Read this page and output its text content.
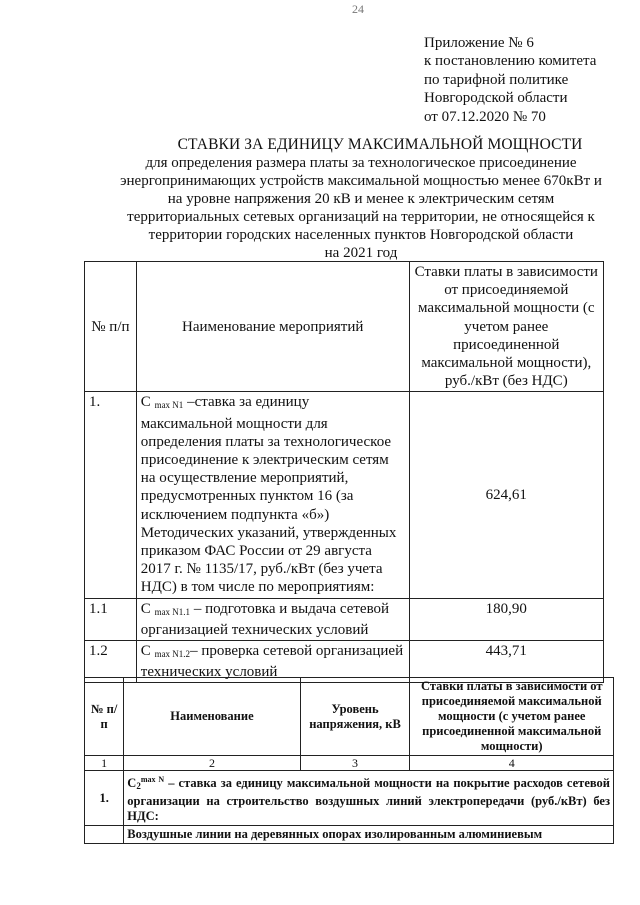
24
Приложение № 6
к постановлению комитета
по тарифной политике
Новгородской области
от 07.12.2020 № 70
СТАВКИ ЗА ЕДИНИЦУ МАКСИМАЛЬНОЙ МОЩНОСТИ
для определения размера платы за технологическое присоединение
энергопринимающих устройств максимальной мощностью менее 670кВт и
на уровне напряжения 20 кВ и менее к электрическим сетям
территориальных сетевых организаций на территории, не относящейся к
территории городских населенных пунктов Новгородской области
на 2021 год
№ п/п	Наименование мероприятий	Ставки платы в зависимости от присоединяемой максимальной мощности (с учетом ранее присоединенной максимальной мощности), руб./кВт (без НДС)
1.	C $_{max N1}$ –ставка за единицу максимальной мощности для определения платы за технологическое присоединение к электрическим сетям на осуществление мероприятий, предусмотренных пунктом 16 (за исключением подпункта «б») Методических указаний, утвержденных приказом ФАС России от 29 августа 2017 г. № 1135/17, руб./кВт (без учета НДС) в том числе по мероприятиям:	624,61
1.1	C $_{max N1.1}$ – подготовка и выдача сетевой организацией технических условий	180,90
1.2	C $_{max N1.2}$– проверка сетевой организацией технических условий	443,71
№ п/п	Наименование	Уровень напряжения, кВ	Ставки платы в зависимости от присоединяемой максимальной мощности (с учетом ранее присоединенной максимальной мощности)
1	2	3	4
1.	$C_2^{max N}$ – ставка за единицу максимальной мощности на покрытие расходов сетевой организации на строительство воздушных линий электропередачи (руб./кВт) без НДС:		
	Воздушные линии на деревянных опорах изолированным алюминиевым		
